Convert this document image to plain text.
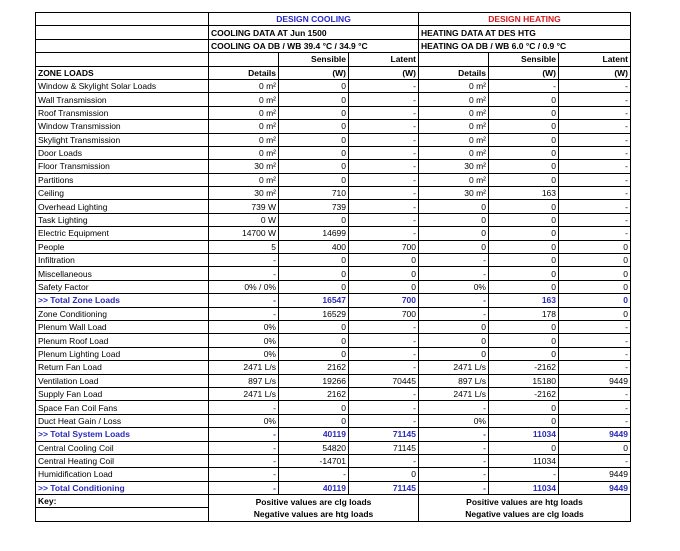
	DESIGN COOLING			DESIGN HEATING		
	COOLING DATA AT Jun 1500			HEATING DATA AT DES HTG		
	COOLING OA DB / WB 39.4 °C / 34.9 °C			HEATING OA DB / WB 6.0 °C / 0.9 °C		
		Sensible	Latent		Sensible	Latent
ZONE LOADS	Details	(W)	(W)	Details	(W)	(W)
Window & Skylight Solar Loads	0 m²	0	-	0 m²	-	-
Wall Transmission	0 m²	0	-	0 m²	0	-
Roof Transmission	0 m²	0	-	0 m²	0	-
Window Transmission	0 m²	0	-	0 m²	0	-
Skylight Transmission	0 m²	0	-	0 m²	0	-
Door Loads	0 m²	0	-	0 m²	0	-
Floor Transmission	30 m²	0	-	30 m²	0	-
Partitions	0 m²	0	-	0 m²	0	-
Ceiling	30 m²	710	-	30 m²	163	-
Overhead Lighting	739 W	739	-	0	0	-
Task Lighting	0 W	0	-	0	0	-
Electric Equipment	14700 W	14699	-	0	0	-
People	5	400	700	0	0	0
Infiltration	-	0	0	-	0	0
Miscellaneous	-	0	0	-	0	0
Safety Factor	0% / 0%	0	0	0%	0	0
>> Total Zone Loads	-	16547	700	-	163	0
Zone Conditioning	-	16529	700	-	178	0
Plenum Wall Load	0%	0	-	0	0	-
Plenum Roof Load	0%	0	-	0	0	-
Plenum Lighting Load	0%	0	-	0	0	-
Return Fan Load	2471 L/s	2162	-	2471 L/s	-2162	-
Ventilation Load	897 L/s	19266	70445	897 L/s	15180	9449
Supply Fan Load	2471 L/s	2162	-	2471 L/s	-2162	-
Space Fan Coil Fans	-	0	-	-	0	-
Duct Heat Gain / Loss	0%	0	-	0%	0	-
>> Total System Loads	-	40119	71145	-	11034	9449
Central Cooling Coil	-	54820	71145	-	0	0
Central Heating Coil	-	-14701	-	-	11034	-
Humidification Load	-	-	0	-	-	9449
>> Total Conditioning	-	40119	71145	-	11034	9449
Key:	Positive values are clg loads			Positive values are htg loads		
	Negative values are htg loads			Negative values are clg loads		
